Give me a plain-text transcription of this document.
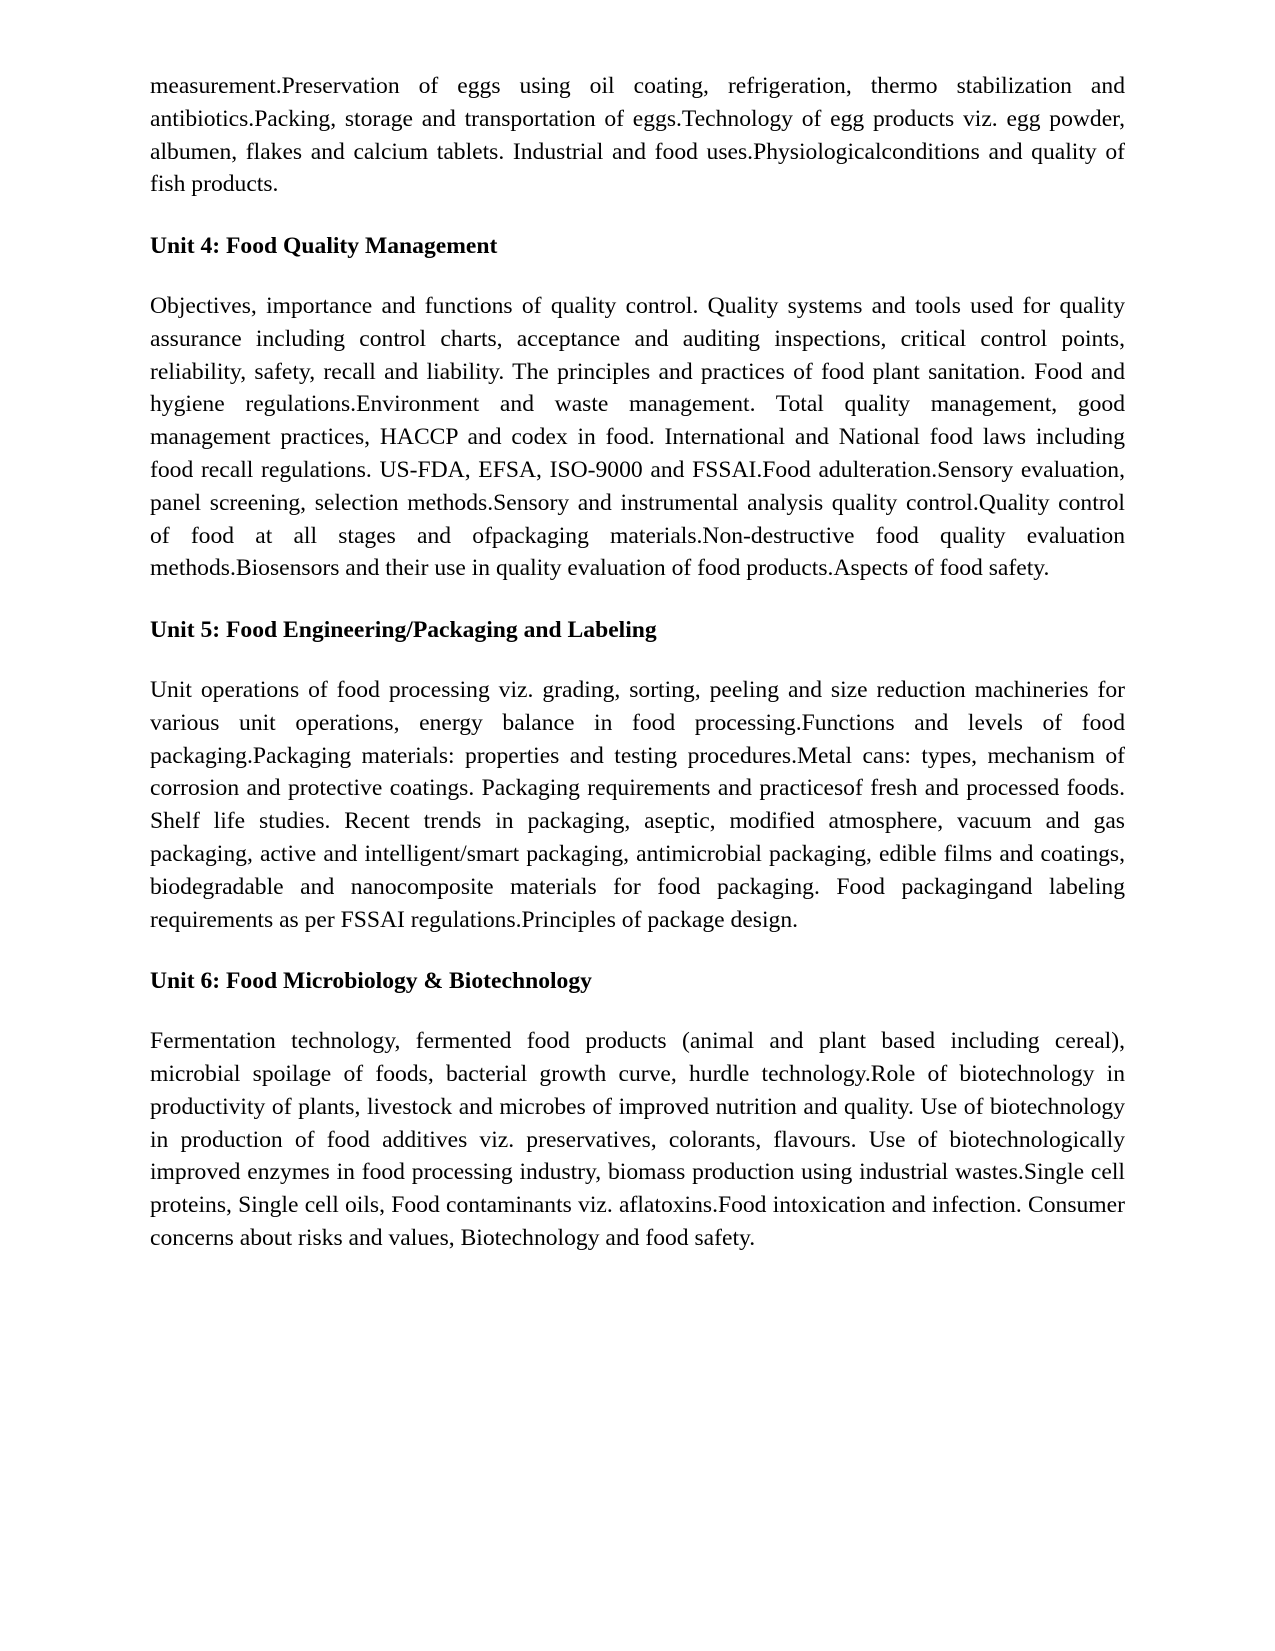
measurement.Preservation of eggs using oil coating, refrigeration, thermo stabilization and antibiotics.Packing, storage and transportation of eggs.Technology of egg products viz. egg powder, albumen, flakes and calcium tablets. Industrial and food uses.Physiologicalconditions and quality of fish products.

Unit 4: Food Quality Management

Objectives, importance and functions of quality control. Quality systems and tools used for quality assurance including control charts, acceptance and auditing inspections, critical control points, reliability, safety, recall and liability. The principles and practices of food plant sanitation. Food and hygiene regulations.Environment and waste management. Total quality management, good management practices, HACCP and codex in food. International and National food laws including food recall regulations. US-FDA, EFSA, ISO-9000 and FSSAI.Food adulteration.Sensory evaluation, panel screening, selection methods.Sensory and instrumental analysis quality control.Quality control of food at all stages and ofpackaging materials.Non-destructive food quality evaluation methods.Biosensors and their use in quality evaluation of food products.Aspects of food safety.

Unit 5: Food Engineering/Packaging and Labeling

Unit operations of food processing viz. grading, sorting, peeling and size reduction machineries for various unit operations, energy balance in food processing.Functions and levels of food packaging.Packaging materials: properties and testing procedures.Metal cans: types, mechanism of corrosion and protective coatings. Packaging requirements and practicesof fresh and processed foods. Shelf life studies. Recent trends in packaging, aseptic, modified atmosphere, vacuum and gas packaging, active and intelligent/smart packaging, antimicrobial packaging, edible films and coatings, biodegradable and nanocomposite materials for food packaging. Food packagingand labeling requirements as per FSSAI regulations.Principles of package design.

Unit 6: Food Microbiology & Biotechnology

Fermentation technology, fermented food products (animal and plant based including cereal), microbial spoilage of foods, bacterial growth curve, hurdle technology.Role of biotechnology in productivity of plants, livestock and microbes of improved nutrition and quality. Use of biotechnology in production of food additives viz. preservatives, colorants, flavours. Use of biotechnologically improved enzymes in food processing industry, biomass production using industrial wastes.Single cell proteins, Single cell oils, Food contaminants viz. aflatoxins.Food intoxication and infection. Consumer concerns about risks and values, Biotechnology and food safety.
